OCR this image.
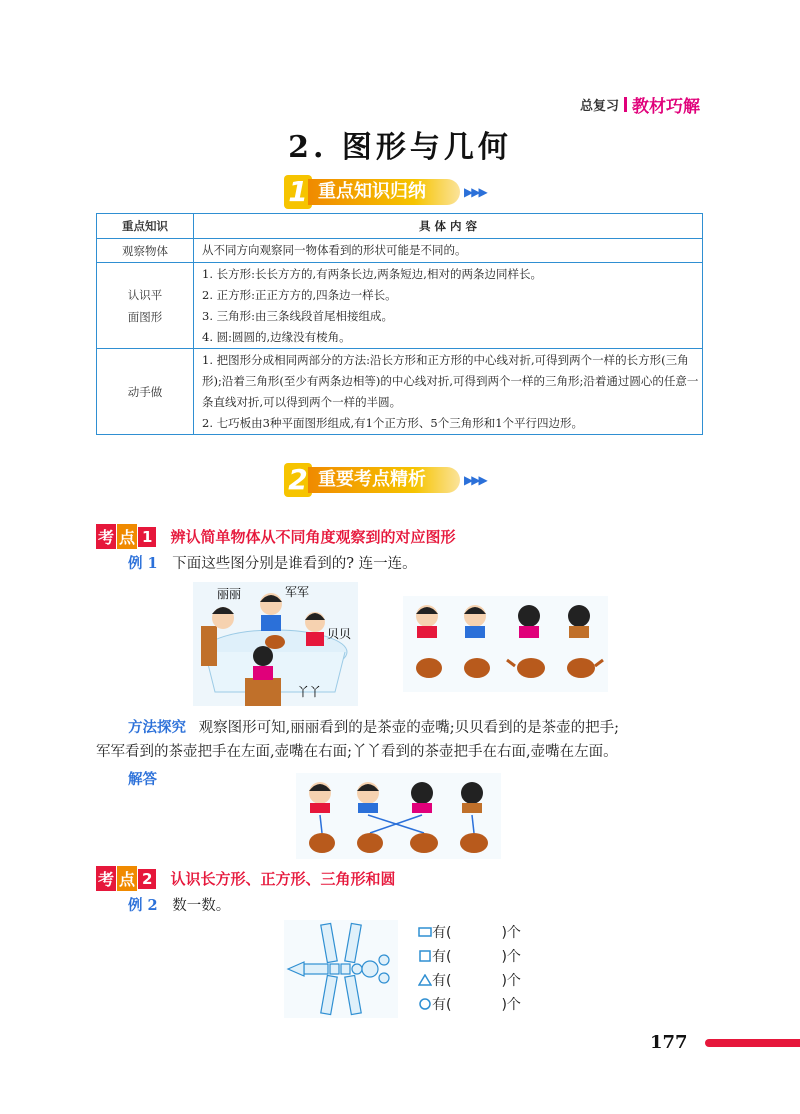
总复习 教材巧解
2. 图形与几何
1 重点知识归纳	▶▶▶
重点知识	具 体 内 容
观察物体	从不同方向观察同一物体看到的形状可能是不同的。

认识平面图形	1. 长方形:长长方方的,有两条长边,两条短边,相对的两条边同样长。
2. 正方形:正正方方的,四条边一样长。
3. 三角形:由三条线段首尾相接组成。
4. 圆:圆圆的,边缘没有棱角。

动手做	1. 把图形分成相同两部分的方法:沿长方形和正方形的中心线对折,可得到两个一样的长方形(三角形);沿着三角形(至少有两条边相等)的中心线对折,可得到两个一样的三角形;沿着通过圆心的任意一条直线对折,可以得到两个一样的半圆。
2. 七巧板由3种平面图形组成,有1个正方形、5个三角形和1个平行四边形。
2 重要考点精析	▶▶▶
考 点 1 辨认简单物体从不同角度观察到的对应图形
例 1 下面这些图分别是谁看到的? 连一连。
丽丽	军军
贝贝
丫丫
方法探究 观察图形可知,丽丽看到的是茶壶的壶嘴;贝贝看到的是茶壶的把手;
军军看到的茶壶把手在左面,壶嘴在右面;丫丫看到的茶壶把手在右面,壶嘴在左面。
解答
考 点 2 认识长方形、正方形、三角形和圆
例 2 数一数。
有(	)个
有(	)个
有(	)个
有(	)个
177
